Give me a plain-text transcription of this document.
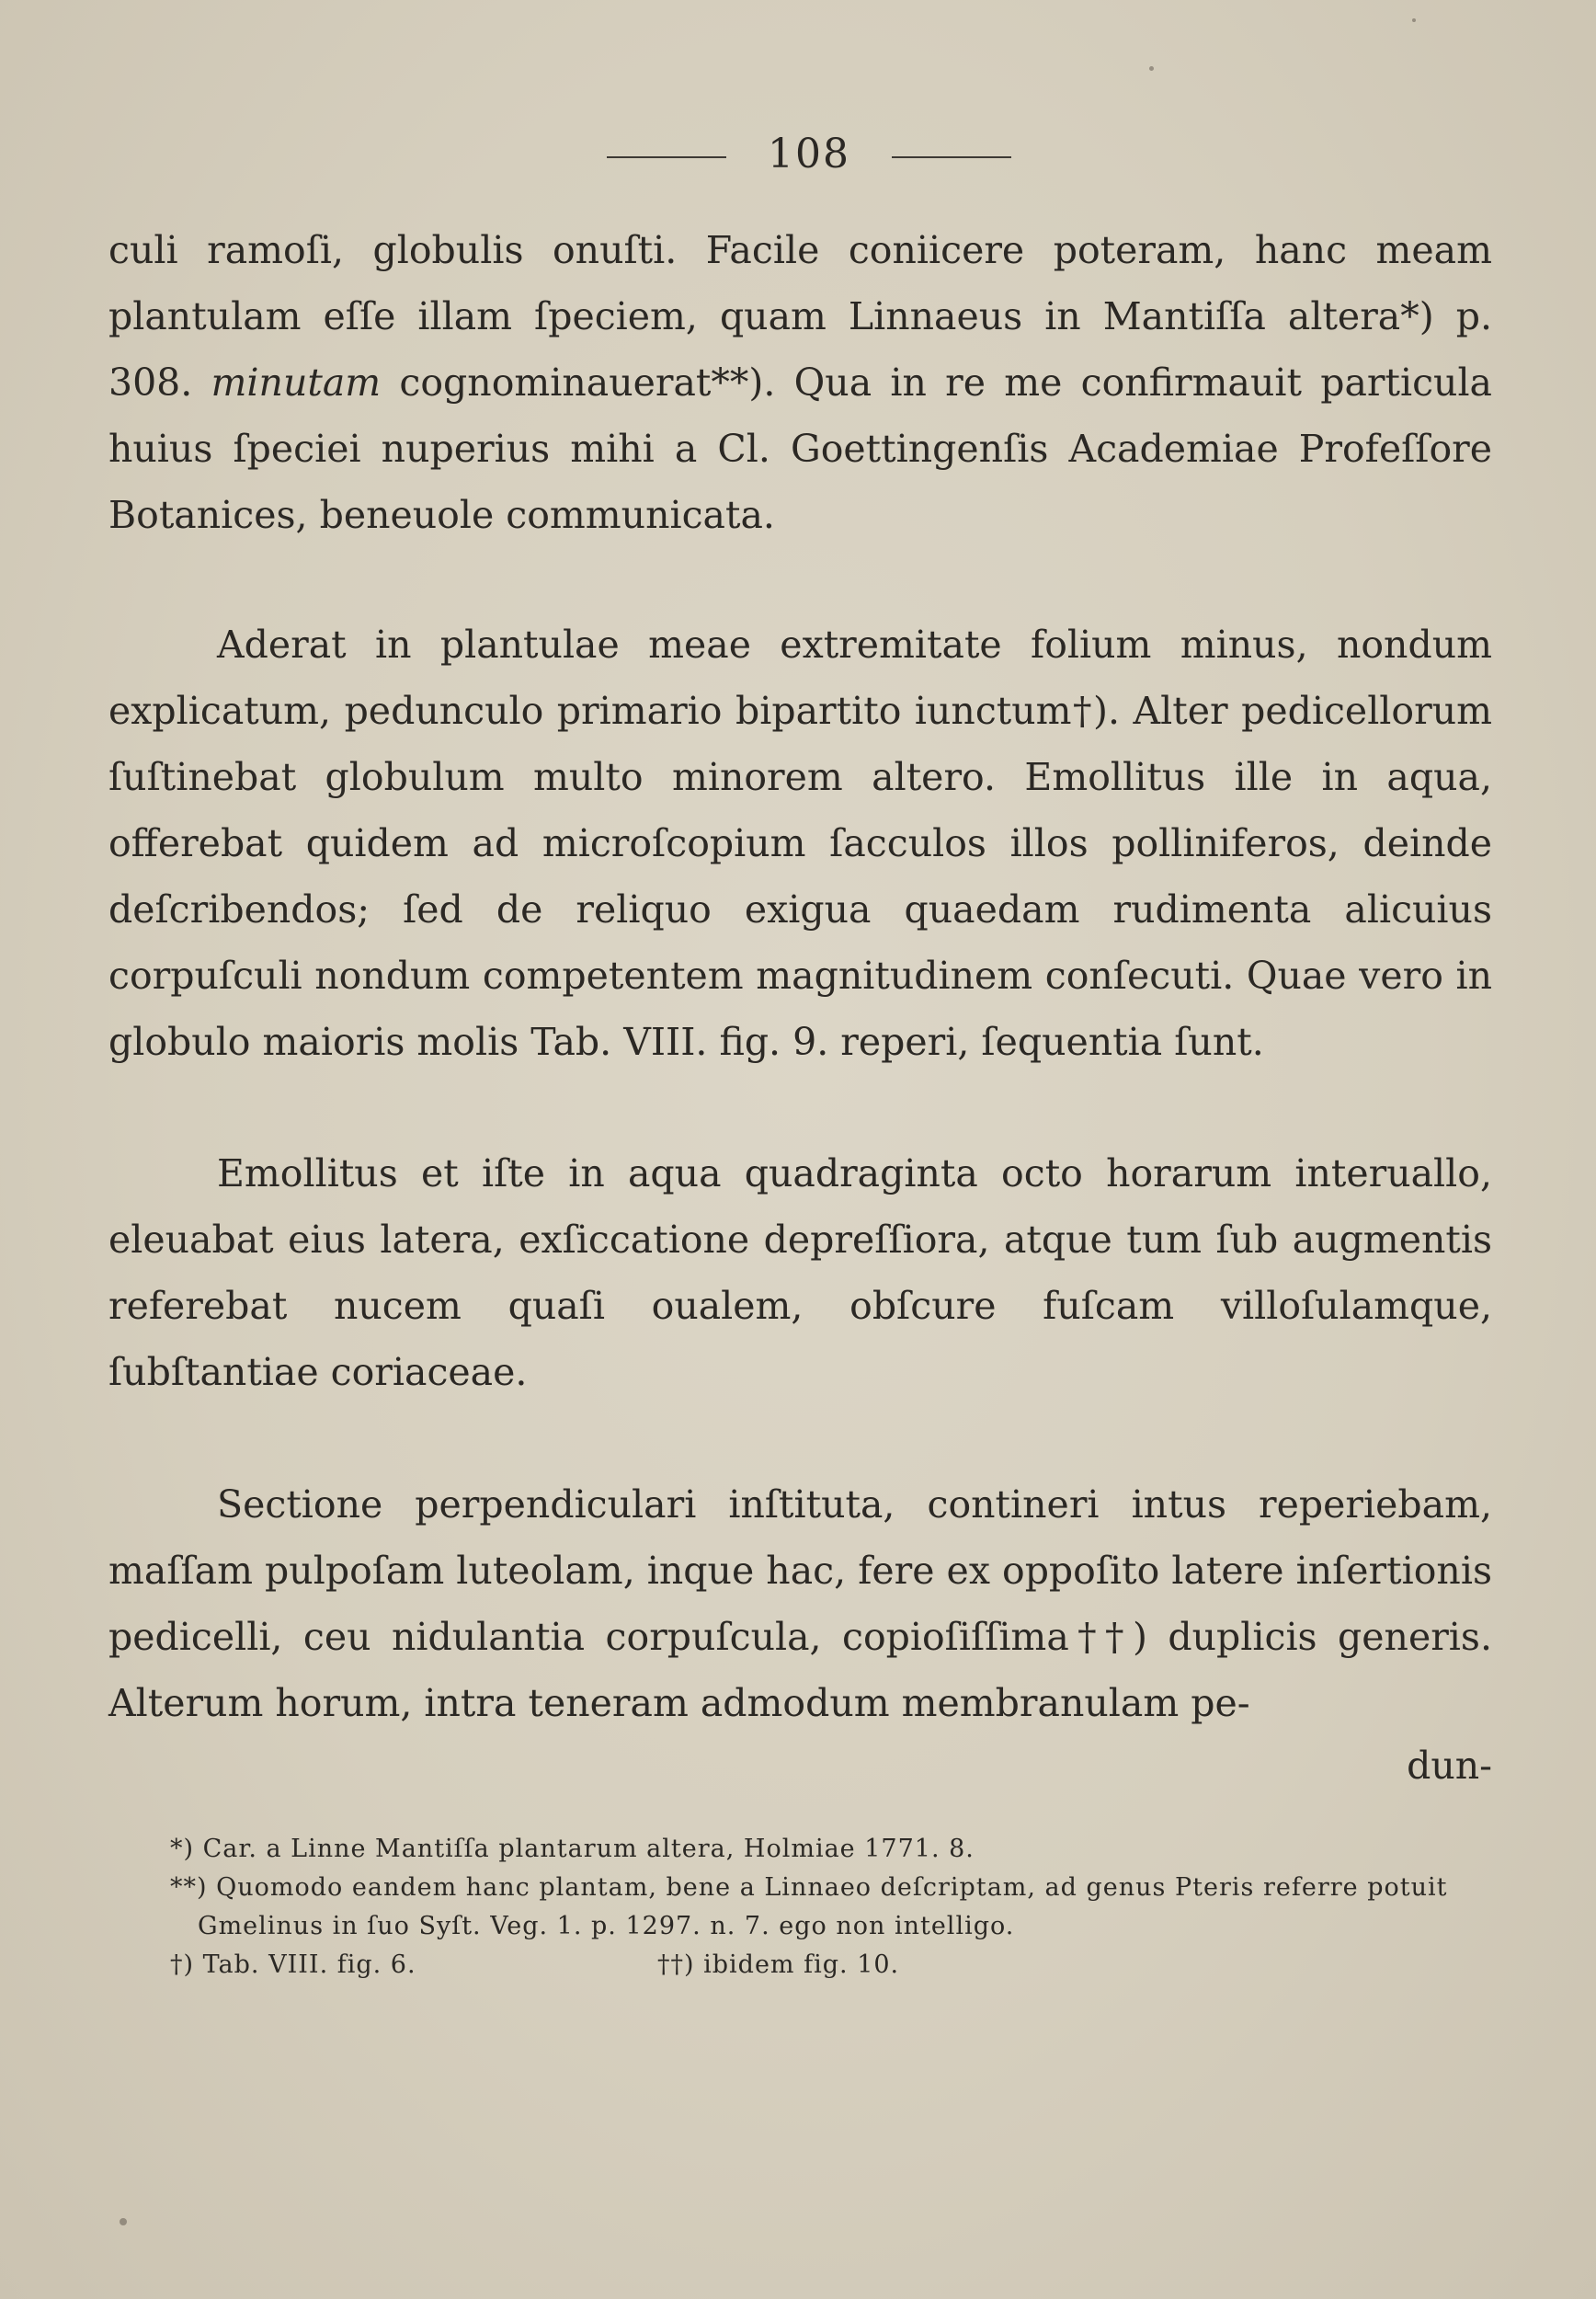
108

culi ramoſi, globulis onuſti. Facile coniicere poteram, hanc meam plantulam eſſe illam ſpeciem, quam Linnaeus in Mantiſſa altera*) p. 308. minutam cognominauerat**). Qua in re me confirmauit particula huius ſpeciei nuperius mihi a Cl. Goettingenſis Academiae Profeſſore Botanices, beneuole communicata.

Aderat in plantulae meae extremitate folium minus, nondum explicatum, pedunculo primario bipartito iunctum†). Alter pedicellorum ſuſtinebat globulum multo minorem altero. Emollitus ille in aqua, offerebat quidem ad microſcopium ſacculos illos polliniferos, deinde deſcribendos; ſed de reliquo exigua quaedam rudimenta alicuius corpuſculi nondum competentem magnitudinem conſecuti. Quae vero in globulo maioris molis Tab. VIII. fig. 9. reperi, ſequentia ſunt.

Emollitus et iſte in aqua quadraginta octo horarum interuallo, eleuabat eius latera, exſiccatione depreſſiora, atque tum ſub augmentis referebat nucem quaſi oualem, obſcure fuſcam villoſulamque, ſubſtantiae coriaceae.

Sectione perpendiculari inſtituta, contineri intus reperiebam, maſſam pulpoſam luteolam, inque hac, fere ex oppoſito latere inſertionis pedicelli, ceu nidulantia corpuſcula, copioſiſſima††) duplicis generis. Alterum horum, intra teneram admodum membranulam pe-

dun-

*) Car. a Linne Mantiſſa plantarum altera, Holmiae 1771. 8.

**) Quomodo eandem hanc plantam, bene a Linnaeo deſcriptam, ad genus Pteris referre potuit

Gmelinus in ſuo Syſt. Veg. 1. p. 1297. n. 7. ego non intelligo.

†) Tab. VIII. fig. 6.	††) ibidem fig. 10.
